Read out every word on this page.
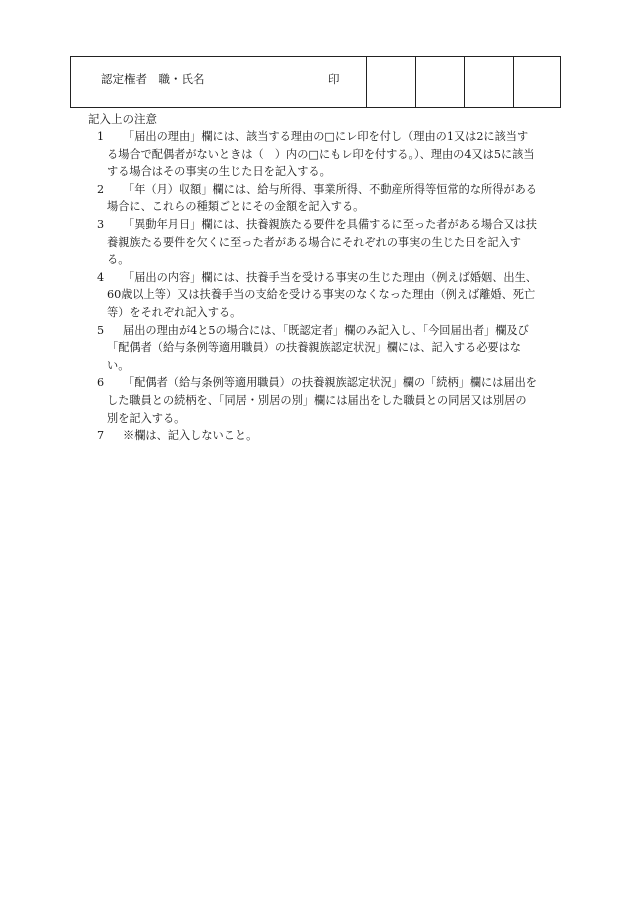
認定権者　職・氏名	印
記入上の注意
1	「届出の理由」欄には、該当する理由の□にレ印を付し（理由の1又は2に該当する場合で配偶者がないときは（　）内の□にもレ印を付する。）、理由の4又は5に該当する場合はその事実の生じた日を記入する。
2	「年（月）収額」欄には、給与所得、事業所得、不動産所得等恒常的な所得がある場合に、これらの種類ごとにその金額を記入する。
3	「異動年月日」欄には、扶養親族たる要件を具備するに至った者がある場合又は扶養親族たる要件を欠くに至った者がある場合にそれぞれの事実の生じた日を記入する。
4	「届出の内容」欄には、扶養手当を受ける事実の生じた理由（例えば婚姻、出生、60歳以上等）又は扶養手当の支給を受ける事実のなくなった理由（例えば離婚、死亡等）をそれぞれ記入する。
5	届出の理由が4と5の場合には、「既認定者」欄のみ記入し、「今回届出者」欄及び「配偶者（給与条例等適用職員）の扶養親族認定状況」欄には、記入する必要はない。
6	「配偶者（給与条例等適用職員）の扶養親族認定状況」欄の「続柄」欄には届出をした職員との続柄を、「同居・別居の別」欄には届出をした職員との同居又は別居の別を記入する。
7	※欄は、記入しないこと。
